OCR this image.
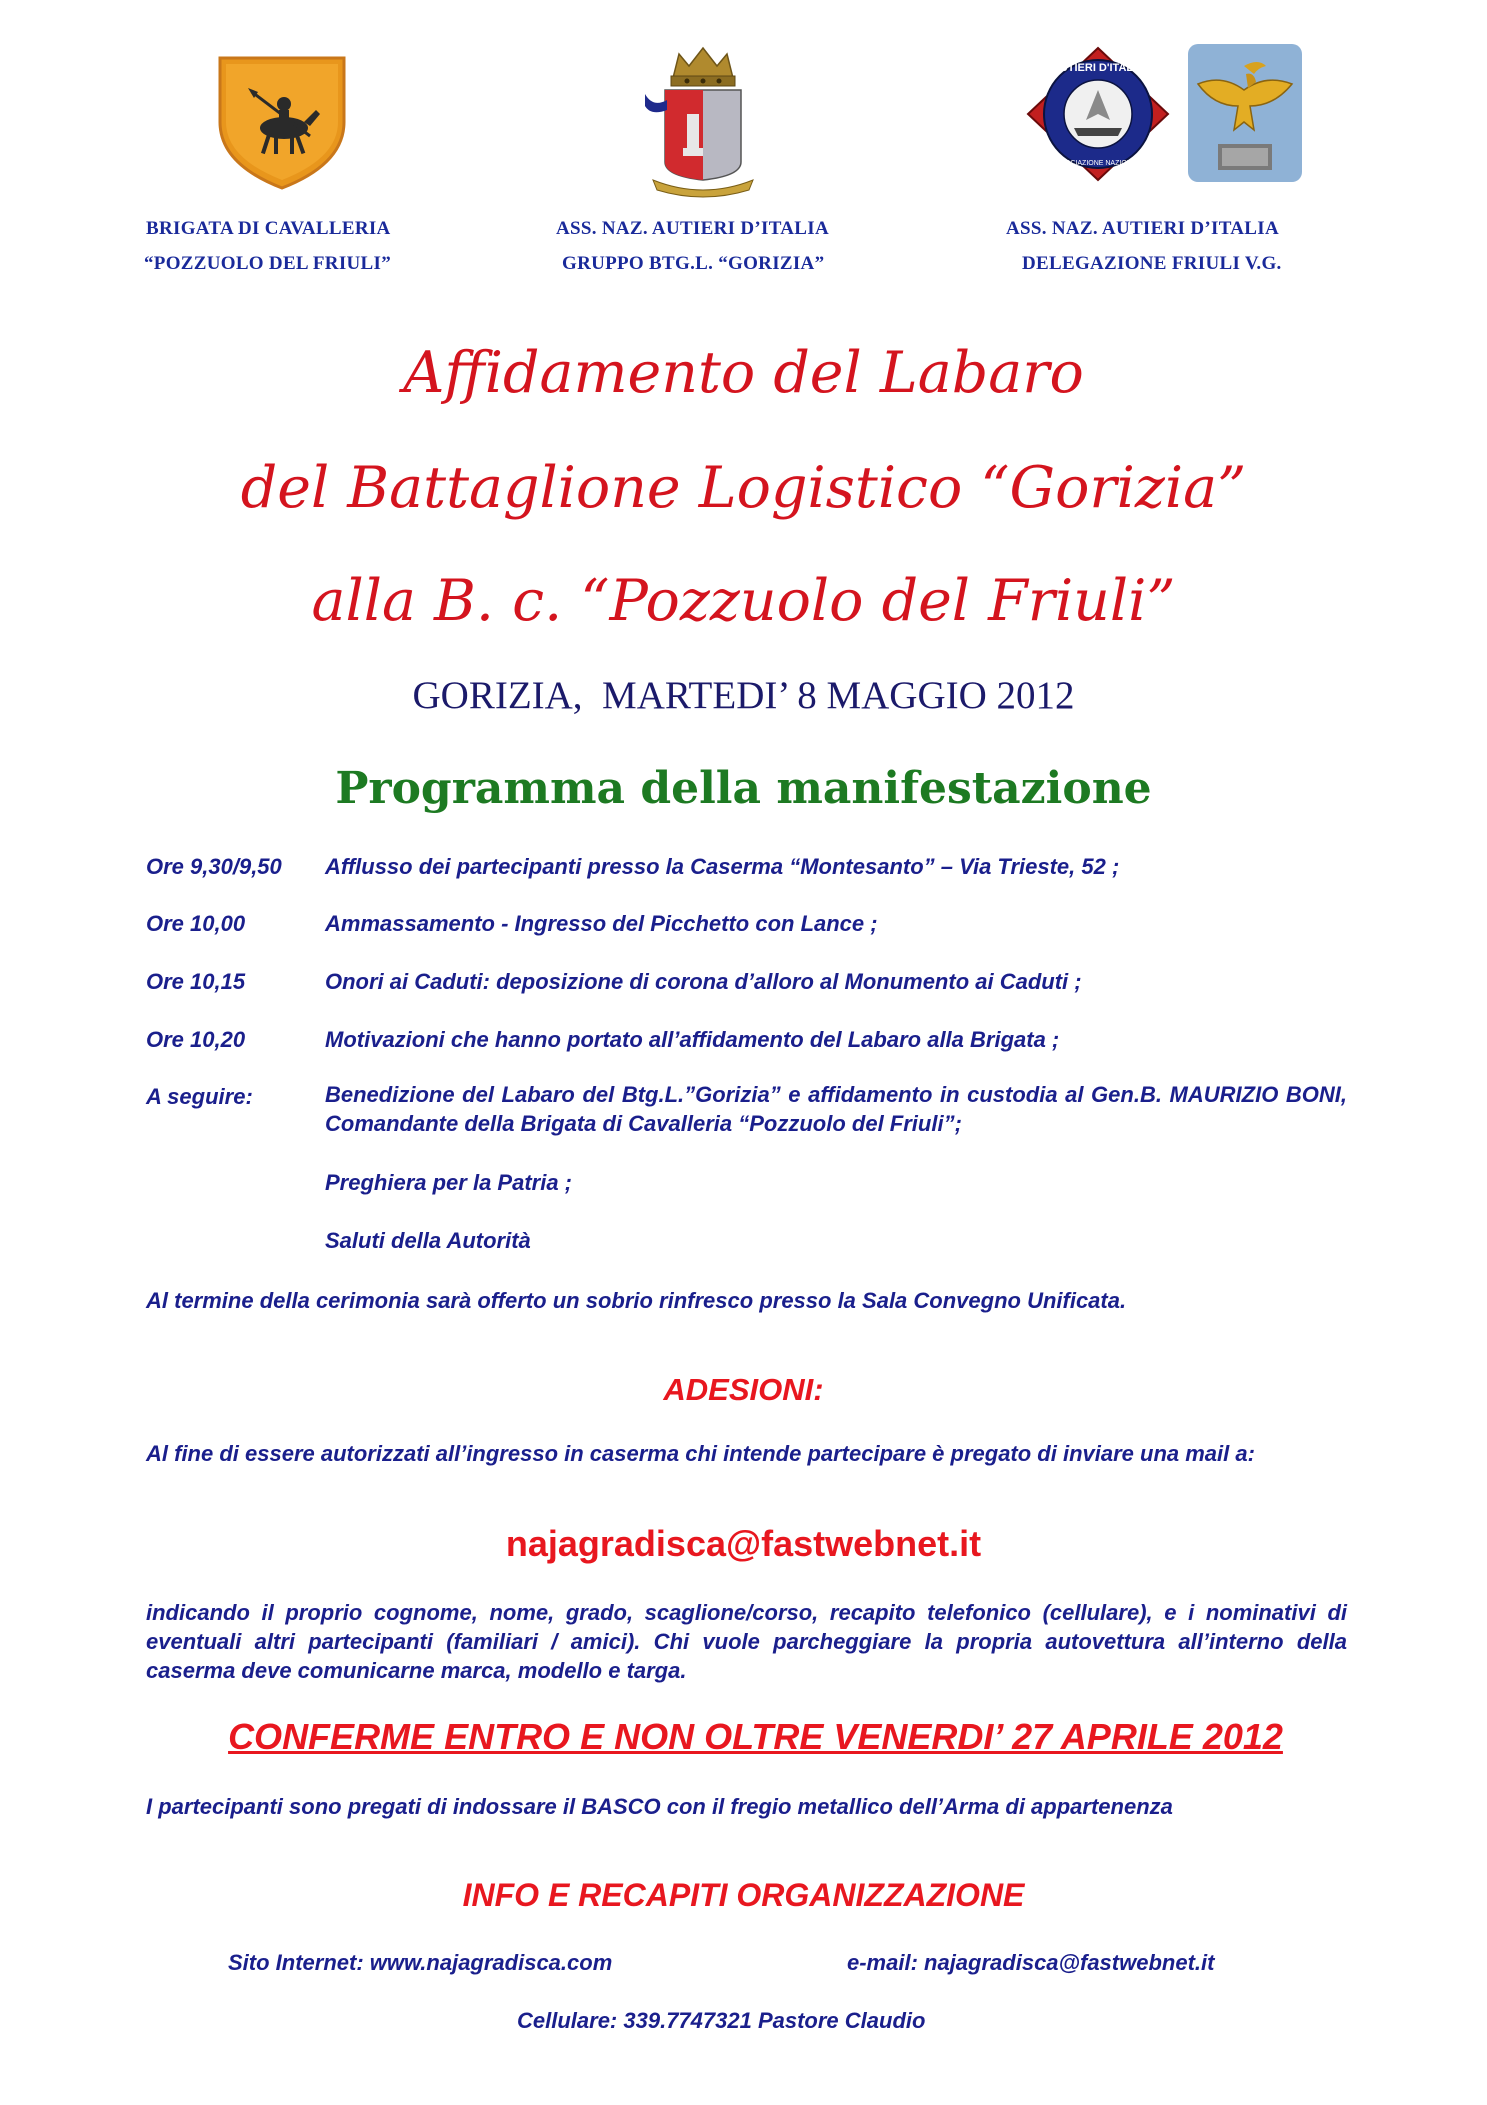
AUTIERI D'ITALIA
ASSOCIAZIONE NAZIONALE
BRIGATA DI CAVALLERIA
“POZZUOLO DEL FRIULI”
ASS. NAZ. AUTIERI D’ITALIA
GRUPPO BTG.L. “GORIZIA”
ASS. NAZ. AUTIERI D’ITALIA
DELEGAZIONE FRIULI V.G.
Affidamento del Labaro
del Battaglione Logistico “Gorizia”
alla B. c. “Pozzuolo del Friuli”
GORIZIA,  MARTEDI’ 8 MAGGIO 2012
Programma della manifestazione
Ore 9,30/9,50 Afflusso dei partecipanti presso la Caserma “Montesanto” – Via Trieste, 52 ;
Ore 10,00	Ammassamento - Ingresso del Picchetto con Lance ;
Ore 10,15	Onori ai Caduti: deposizione di corona d’alloro al Monumento ai Caduti ;
Ore 10,20	Motivazioni che hanno portato all’affidamento del Labaro alla Brigata ;
A seguire:	Benedizione del Labaro del Btg.L.”Gorizia” e affidamento in custodia al Gen.B. MAURIZIO BONI, Comandante della Brigata di Cavalleria “Pozzuolo del Friuli”;
Preghiera per la Patria ;
Saluti della Autorità
Al termine della cerimonia sarà offerto un sobrio rinfresco presso la Sala Convegno Unificata.
ADESIONI:
Al fine di essere autorizzati all’ingresso in caserma chi intende partecipare è pregato di inviare una mail a:
najagradisca@fastwebnet.it
indicando il proprio cognome, nome, grado, scaglione/corso, recapito telefonico (cellulare), e i nominativi di eventuali altri partecipanti (familiari / amici). Chi vuole parcheggiare la propria autovettura all’interno della caserma deve comunicarne marca, modello e targa.
CONFERME ENTRO E NON OLTRE VENERDI’ 27 APRILE 2012
I partecipanti sono pregati di indossare il BASCO con il fregio metallico dell’Arma di appartenenza
INFO E RECAPITI ORGANIZZAZIONE
Sito Internet: www.najagradisca.com	e-mail: najagradisca@fastwebnet.it
Cellulare: 339.7747321 Pastore Claudio
